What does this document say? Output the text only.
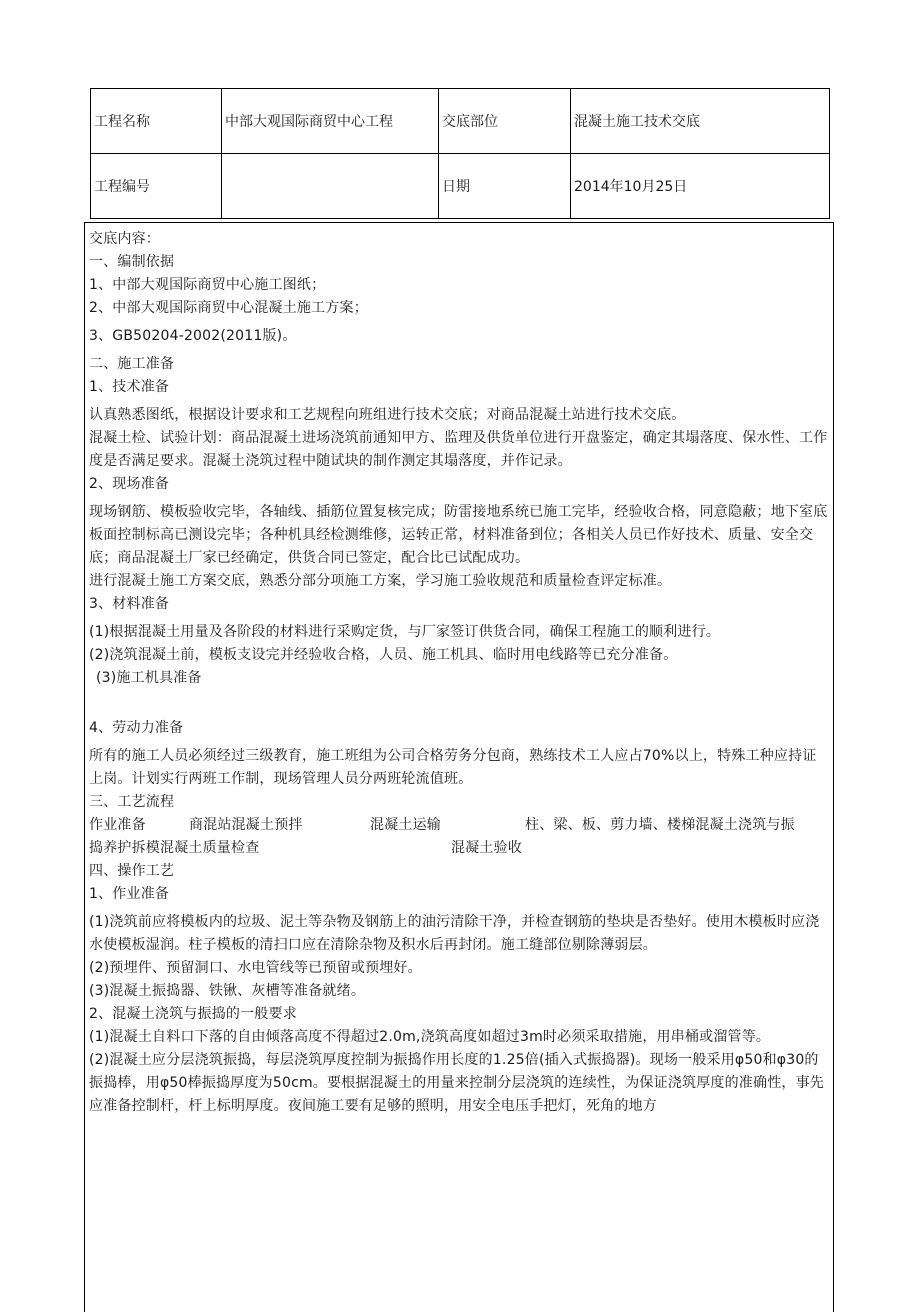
工程名称	中部大观国际商贸中心工程	交底部位	混凝土施工技术交底
工程编号		日期	2014年10月25日

交底内容：

一、编制依据

1、中部大观国际商贸中心施工图纸；

2、中部大观国际商贸中心混凝土施工方案；

3、GB50204-2002(2011版)。

二、施工准备

1、技术准备

认真熟悉图纸，根据设计要求和工艺规程向班组进行技术交底；对商品混凝土站进行技术交底。

混凝土检、试验计划：商品混凝土进场浇筑前通知甲方、监理及供货单位进行开盘鉴定，确定其塌落度、保水性、工作度是否满足要求。混凝土浇筑过程中随试块的制作测定其塌落度，并作记录。

2、现场准备

现场钢筋、模板验收完毕，各轴线、插筋位置复核完成；防雷接地系统已施工完毕，经验收合格，同意隐蔽；地下室底板面控制标高已测设完毕；各种机具经检测维修，运转正常，材料准备到位；各相关人员已作好技术、质量、安全交底；商品混凝土厂家已经确定，供货合同已签定，配合比已试配成功。

进行混凝土施工方案交底，熟悉分部分项施工方案，学习施工验收规范和质量检查评定标准。

3、材料准备

(1)根据混凝土用量及各阶段的材料进行采购定货，与厂家签订供货合同，确保工程施工的顺利进行。

(2)浇筑混凝土前，模板支设完并经验收合格，人员、施工机具、临时用电线路等已充分准备。

(3)施工机具准备

4、劳动力准备

所有的施工人员必须经过三级教育，施工班组为公司合格劳务分包商，熟练技术工人应占70%以上，特殊工种应持证上岗。计划实行两班工作制，现场管理人员分两班轮流值班。

三、工艺流程

作业准备	商混站混凝土预拌	混凝土运输	柱、梁、板、剪力墙、楼梯混凝土浇筑与振

捣养护拆模混凝土质量检查	混凝土验收

四、操作工艺

1、作业准备

(1)浇筑前应将模板内的垃圾、泥土等杂物及钢筋上的油污清除干净，并检查钢筋的垫块是否垫好。使用木模板时应浇水使模板湿润。柱子模板的清扫口应在清除杂物及积水后再封闭。施工缝部位剔除薄弱层。

(2)预埋件、预留洞口、水电管线等已预留或预埋好。

(3)混凝土振捣器、铁锹、灰槽等准备就绪。

2、混凝土浇筑与振捣的一般要求

(1)混凝土自料口下落的自由倾落高度不得超过2.0m,浇筑高度如超过3m时必须采取措施，用串桶或溜管等。

(2)混凝土应分层浇筑振捣，每层浇筑厚度控制为振捣作用长度的1.25倍(插入式振捣器)。现场一般采用φ50和φ30的振捣棒，用φ50棒振捣厚度为50cm。要根据混凝土的用量来控制分层浇筑的连续性，为保证浇筑厚度的准确性，事先应准备控制杆，杆上标明厚度。夜间施工要有足够的照明，用安全电压手把灯，死角的地方
